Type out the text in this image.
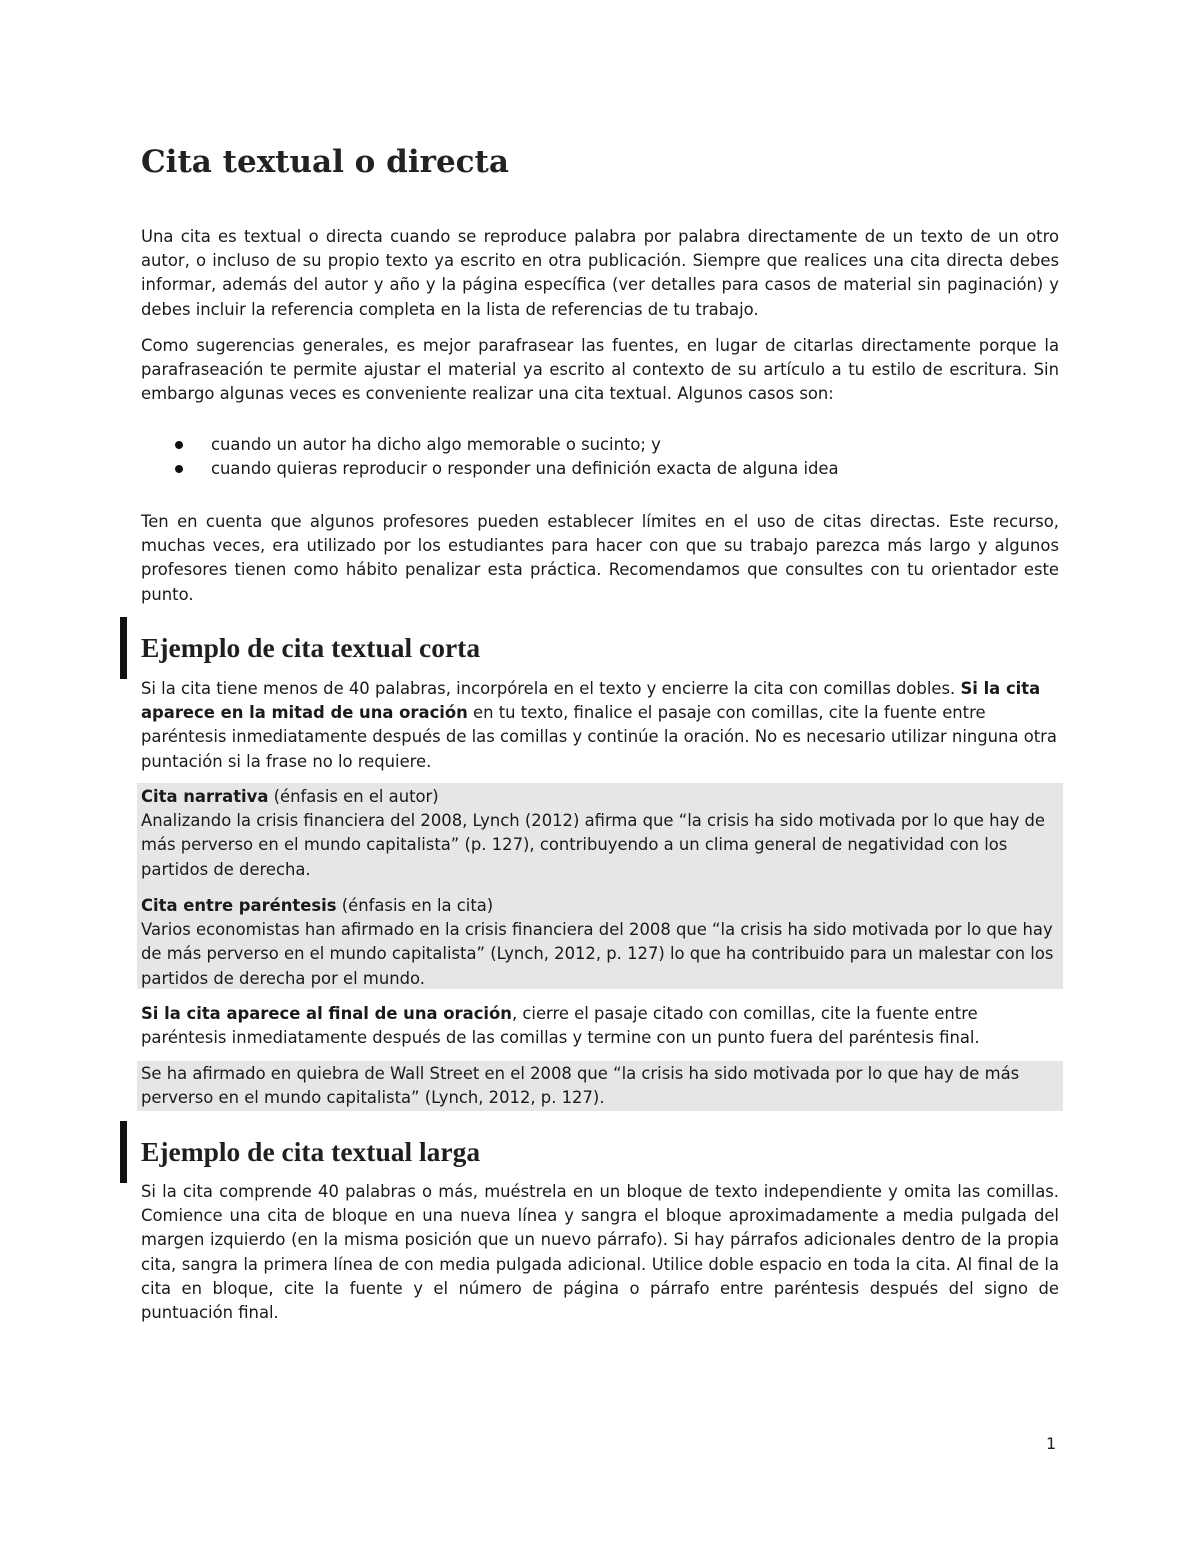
Cita textual o directa

Una cita es textual o directa cuando se reproduce palabra por palabra directamente de un texto de un otro autor, o incluso de su propio texto ya escrito en otra publicación. Siempre que realices una cita directa debes informar, además del autor y año y la página específica (ver detalles para casos de material sin paginación) y debes incluir la referencia completa en la lista de referencias de tu trabajo.

Como sugerencias generales, es mejor parafrasear las fuentes, en lugar de citarlas directamente porque la parafraseación te permite ajustar el material ya escrito al contexto de su artículo a tu estilo de escritura. Sin embargo algunas veces es conveniente realizar una cita textual. Algunos casos son:

cuando un autor ha dicho algo memorable o sucinto; y
cuando quieras reproducir o responder una definición exacta de alguna idea

Ten en cuenta que algunos profesores pueden establecer límites en el uso de citas directas. Este recurso, muchas veces, era utilizado por los estudiantes para hacer con que su trabajo parezca más largo y algunos profesores tienen como hábito penalizar esta práctica. Recomendamos que consultes con tu orientador este punto.

Ejemplo de cita textual corta

Si la cita tiene menos de 40 palabras, incorpórela en el texto y encierre la cita con comillas dobles. Si la cita aparece en la mitad de una oración en tu texto, finalice el pasaje con comillas, cite la fuente entre paréntesis inmediatamente después de las comillas y continúe la oración. No es necesario utilizar ninguna otra puntación si la frase no lo requiere.

Cita narrativa (énfasis en el autor)
Analizando la crisis financiera del 2008, Lynch (2012) afirma que “la crisis ha sido motivada por lo que hay de más perverso en el mundo capitalista” (p. 127), contribuyendo a un clima general de negatividad con los partidos de derecha.

Cita entre paréntesis (énfasis en la cita)
Varios economistas han afirmado en la crisis financiera del 2008 que “la crisis ha sido motivada por lo que hay de más perverso en el mundo capitalista” (Lynch, 2012, p. 127) lo que ha contribuido para un malestar con los partidos de derecha por el mundo.

Si la cita aparece al final de una oración, cierre el pasaje citado con comillas, cite la fuente entre paréntesis inmediatamente después de las comillas y termine con un punto fuera del paréntesis final.

Se ha afirmado en quiebra de Wall Street en el 2008 que “la crisis ha sido motivada por lo que hay de más perverso en el mundo capitalista” (Lynch, 2012, p. 127).

Ejemplo de cita textual larga

Si la cita comprende 40 palabras o más, muéstrela en un bloque de texto independiente y omita las comillas. Comience una cita de bloque en una nueva línea y sangra el bloque aproximadamente a media pulgada del margen izquierdo (en la misma posición que un nuevo párrafo). Si hay párrafos adicionales dentro de la propia cita, sangra la primera línea de con media pulgada adicional. Utilice doble espacio en toda la cita. Al final de la cita en bloque, cite la fuente y el número de página o párrafo entre paréntesis después del signo de puntuación final.

1
